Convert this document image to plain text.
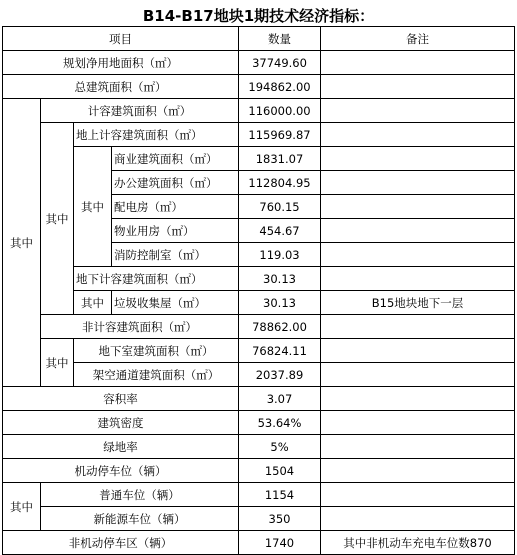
B14-B17地块1期技术经济指标：
项目				数量	备注
规划净用地面积（㎡）				37749.60	
总建筑面积（㎡）				194862.00	
其中	计容建筑面积（㎡）			116000.00	
	其中	地上计容建筑面积（㎡）		115969.87	
		其中	商业建筑面积（㎡）	1831.07	
			办公建筑面积（㎡）	112804.95	
			配电房（㎡）	760.15	
			物业用房（㎡）	454.67	
			消防控制室（㎡）	119.03	
		地下计容建筑面积（㎡）		30.13	
		其中	垃圾收集屋（㎡）	30.13	B15地块地下一层
	非计容建筑面积（㎡）			78862.00	
	其中	地下室建筑面积（㎡）		76824.11	
		架空通道建筑面积（㎡）		2037.89	
容积率				3.07	
建筑密度				53.64%	
绿地率				5%	
机动停车位（辆）				1504	
其中	普通车位（辆）			1154	
	新能源车位（辆）			350	
非机动停车区（辆）				1740	其中非机动车充电车位数870
